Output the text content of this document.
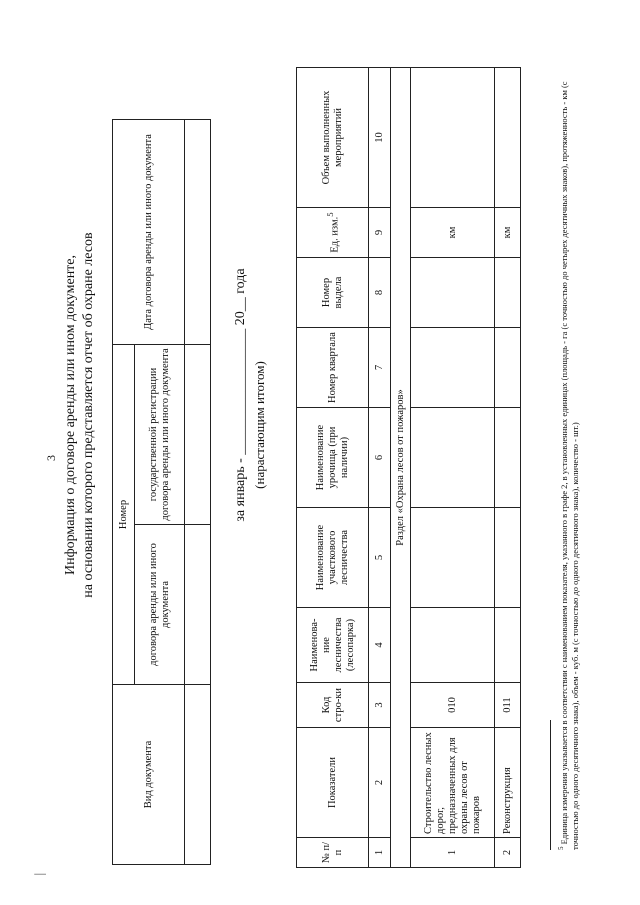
׀
3 Информация о договоре аренды или ином документе, на основании которого представляется отчет об охране лесов
Вид документа	Номер		Дата договора аренды или иного документа
	договора аренды или иного документа	государственной регистрации договора аренды или иного документа	
				за январь - __________________ 20__ года
(нарастающим итогом)
№ п/п	Показатели	Код стро-ки	Наименова-ние лесничества (лесопарка)	Наименование участкового лесничества	Наименование урочища (при наличии)	Номер квартала	Номер выдела	Ед. изм.$^5$	Объем выполненных мероприятий
1	2	3	4	5	6	7	8	9	10
Раздел «Охрана лесов от пожаров»									
1	Строительство лесных дорог, предназначенных для охраны лесов от пожаров	010						км	
2	Реконструкция	011						км	
$^5$ Единица измерения указывается в соответствии с наименованием показателя, указанного в графе 2, в установленных единицах (площадь - га (с точностью до четырех десятичных знаков), протяженность - км (с точностью до одного десятичного знака), объем - куб. м (с точностью до одного десятичного знака), количество - шт.)
